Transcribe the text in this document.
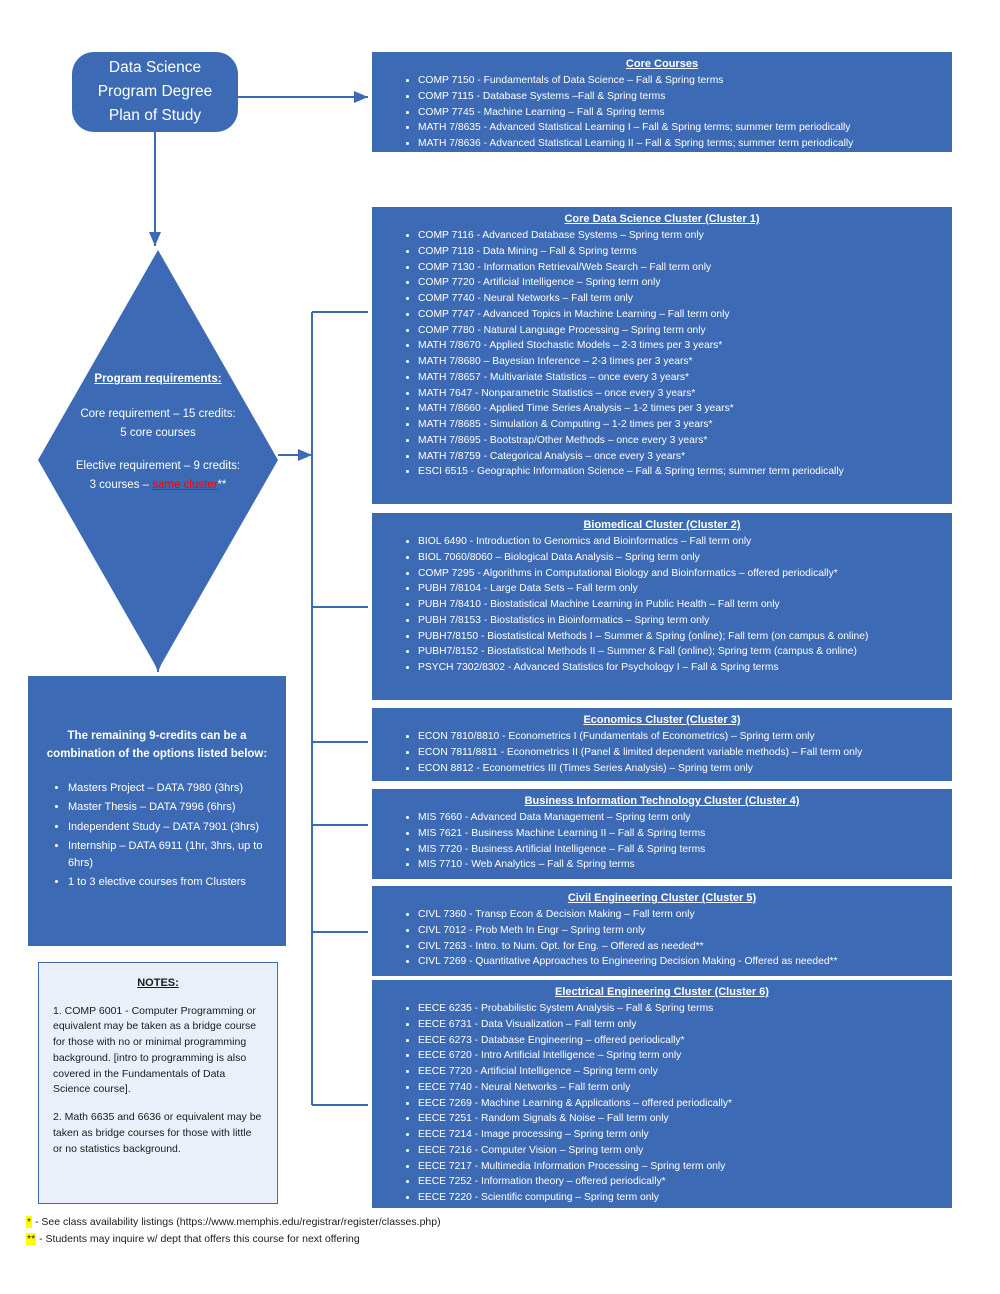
Data Science
Program Degree
Plan of Study
Program requirements:
Core requirement – 15 credits:
5 core courses
Elective requirement – 9 credits:
3 courses – same cluster**
The remaining 9-credits can be a combination of the options listed below:
• Masters Project – DATA 7980 (3hrs)
• Master Thesis – DATA 7996 (6hrs)
• Independent Study – DATA 7901 (3hrs)
• Internship – DATA 6911 (1hr, 3hrs, up to 6hrs)
• 1 to 3 elective courses from Clusters
NOTES:

1. COMP 6001 - Computer Programming or equivalent may be taken as a bridge course for those with no or minimal programming background. [intro to programming is also covered in the Fundamentals of Data Science course].

2. Math 6635 and 6636 or equivalent may be taken as bridge courses for those with little or no statistics background.

Core Courses
• COMP 7150 - Fundamentals of Data Science – Fall & Spring terms
• COMP 7115 - Database Systems –Fall & Spring terms
• COMP 7745 - Machine Learning – Fall & Spring terms
• MATH 7/8635 - Advanced Statistical Learning I – Fall & Spring terms; summer term periodically
• MATH 7/8636 - Advanced Statistical Learning II – Fall & Spring terms; summer term periodically
Core Data Science Cluster (Cluster 1)
• COMP 7116 - Advanced Database Systems – Spring term only
• COMP 7118 - Data Mining – Fall & Spring terms
• COMP 7130 - Information Retrieval/Web Search – Fall term only
• COMP 7720 - Artificial Intelligence – Spring term only
• COMP 7740 - Neural Networks – Fall term only
• COMP 7747 - Advanced Topics in Machine Learning – Fall term only
• COMP 7780 - Natural Language Processing – Spring term only
• MATH 7/8670 - Applied Stochastic Models – 2-3 times per 3 years*
• MATH 7/8680 – Bayesian Inference – 2-3 times per 3 years*
• MATH 7/8657 - Multivariate Statistics – once every 3 years*
• MATH 7647 - Nonparametric Statistics – once every 3 years*
• MATH 7/8660 - Applied Time Series Analysis – 1-2 times per 3 years*
• MATH 7/8685 - Simulation & Computing – 1-2 times per 3 years*
• MATH 7/8695 - Bootstrap/Other Methods – once every 3 years*
• MATH 7/8759 - Categorical Analysis – once every 3 years*
• ESCI 6515 - Geographic Information Science – Fall & Spring terms; summer term periodically
Biomedical Cluster (Cluster 2)
• BIOL 6490 - Introduction to Genomics and Bioinformatics – Fall term only
• BIOL 7060/8060 – Biological Data Analysis – Spring term only
• COMP 7295 - Algorithms in Computational Biology and Bioinformatics – offered periodically*
• PUBH 7/8104 - Large Data Sets – Fall term only
• PUBH 7/8410 - Biostatistical Machine Learning in Public Health – Fall term only
• PUBH 7/8153 - Biostatistics in Bioinformatics – Spring term only
• PUBH7/8150 - Biostatistical Methods I – Summer & Spring (online); Fall term (on campus & online)
• PUBH7/8152 - Biostatistical Methods II – Summer & Fall (online); Spring term (campus & online)
• PSYCH 7302/8302 - Advanced Statistics for Psychology I – Fall & Spring terms
Economics Cluster (Cluster 3)
• ECON 7810/8810 - Econometrics I (Fundamentals of Econometrics) – Spring term only
• ECON 7811/8811 - Econometrics II (Panel & limited dependent variable methods) – Fall term only
• ECON 8812 - Econometrics III (Times Series Analysis) – Spring term only
Business Information Technology Cluster (Cluster 4)
• MIS 7660 - Advanced Data Management – Spring term only
• MIS 7621 - Business Machine Learning II – Fall & Spring terms
• MIS 7720 - Business Artificial Intelligence – Fall & Spring terms
• MIS 7710 - Web Analytics – Fall & Spring terms
Civil Engineering Cluster (Cluster 5)
• CIVL 7360 - Transp Econ & Decision Making – Fall term only
• CIVL 7012 - Prob Meth In Engr – Spring term only
• CIVL 7263 - Intro. to Num. Opt. for Eng. – Offered as needed**
• CIVL 7269 - Quantitative Approaches to Engineering Decision Making - Offered as needed**
Electrical Engineering Cluster (Cluster 6)
• EECE 6235 - Probabilistic System Analysis – Fall & Spring terms
• EECE 6731 - Data Visualization – Fall term only
• EECE 6273 - Database Engineering – offered periodically*
• EECE 6720 - Intro Artificial Intelligence – Spring term only
• EECE 7720 - Artificial Intelligence – Spring term only
• EECE 7740 - Neural Networks – Fall term only
• EECE 7269 - Machine Learning & Applications – offered periodically*
• EECE 7251 - Random Signals & Noise – Fall term only
• EECE 7214 - Image processing – Spring term only
• EECE 7216 - Computer Vision – Spring term only
• EECE 7217 - Multimedia Information Processing – Spring term only
• EECE 7252 - Information theory – offered periodically*
• EECE 7220 - Scientific computing – Spring term only
* - See class availability listings (https://www.memphis.edu/registrar/register/classes.php)
** - Students may inquire w/ dept that offers this course for next offering
